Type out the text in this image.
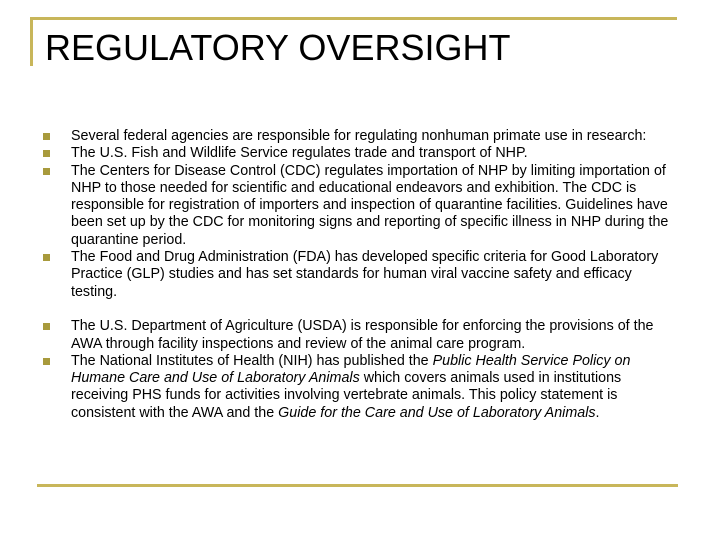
REGULATORY OVERSIGHT
Several federal agencies are responsible for regulating nonhuman primate use in research:
The U.S. Fish and Wildlife Service regulates trade and transport of NHP.
The Centers for Disease Control (CDC) regulates importation of NHP by limiting importation of NHP to those needed for scientific and educational endeavors and exhibition. The CDC is responsible for registration of importers and inspection of quarantine facilities. Guidelines have been set up by the CDC for monitoring signs and reporting of specific illness in NHP during the quarantine period.
The Food and Drug Administration (FDA) has developed specific criteria for Good Laboratory Practice (GLP) studies and has set standards for human viral vaccine safety and efficacy testing.
The U.S. Department of Agriculture (USDA) is responsible for enforcing the provisions of the AWA through facility inspections and review of the animal care program.
The National Institutes of Health (NIH) has published the Public Health Service Policy on Humane Care and Use of Laboratory Animals which covers animals used in institutions receiving PHS funds for activities involving vertebrate animals. This policy statement is consistent with the AWA and the Guide for the Care and Use of Laboratory Animals.
